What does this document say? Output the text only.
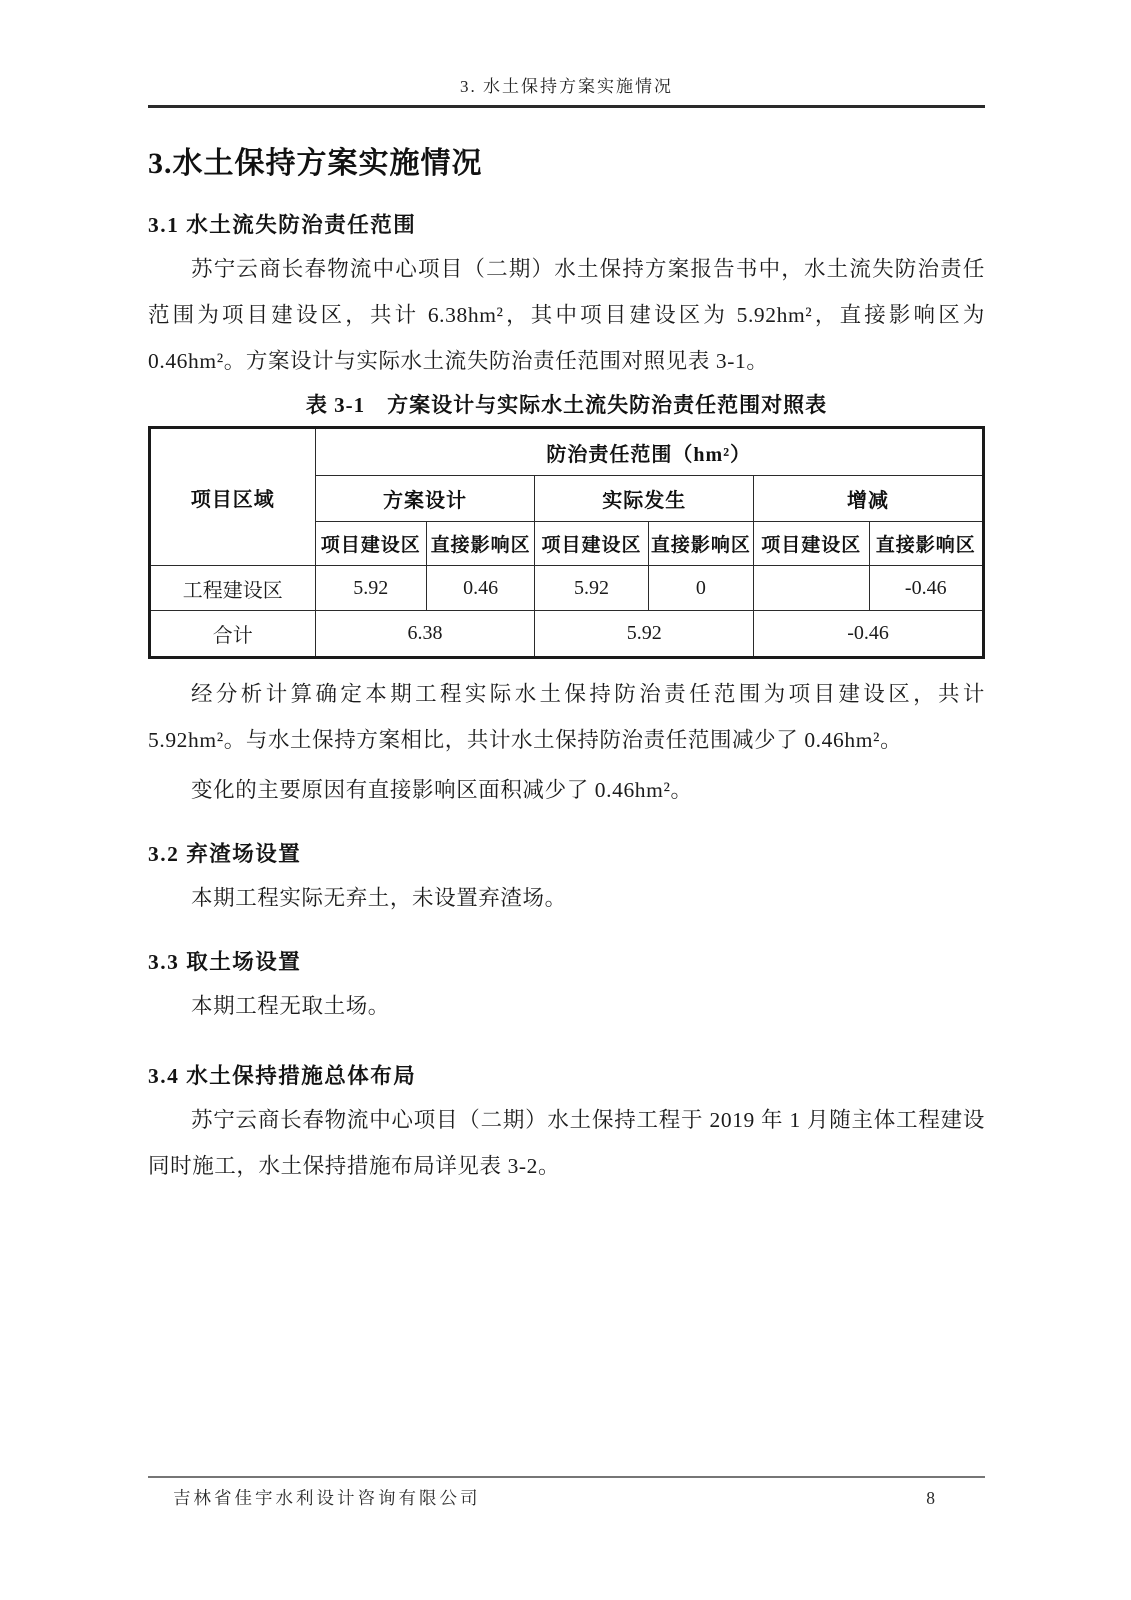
3. 水土保持方案实施情况
3.水土保持方案实施情况
3.1 水土流失防治责任范围

苏宁云商长春物流中心项目（二期）水土保持方案报告书中，水土流失防治责任范围为项目建设区，共计 6.38hm²，其中项目建设区为 5.92hm²，直接影响区为 0.46hm²。方案设计与实际水土流失防治责任范围对照见表 3-1。

表 3-1　方案设计与实际水土流失防治责任范围对照表
项目区域	防治责任范围（hm²）					
	方案设计		实际发生		增减	
	项目建设区	直接影响区	项目建设区	直接影响区	项目建设区	直接影响区
工程建设区	5.92	0.46	5.92	0		-0.46
合计	6.38		5.92		-0.46	

经分析计算确定本期工程实际水土保持防治责任范围为项目建设区，共计 5.92hm²。与水土保持方案相比，共计水土保持防治责任范围减少了 0.46hm²。

变化的主要原因有直接影响区面积减少了 0.46hm²。

3.2 弃渣场设置

本期工程实际无弃土，未设置弃渣场。

3.3 取土场设置

本期工程无取土场。

3.4 水土保持措施总体布局

苏宁云商长春物流中心项目（二期）水土保持工程于 2019 年 1 月随主体工程建设同时施工，水土保持措施布局详见表 3-2。

吉林省佳宇水利设计咨询有限公司	8
